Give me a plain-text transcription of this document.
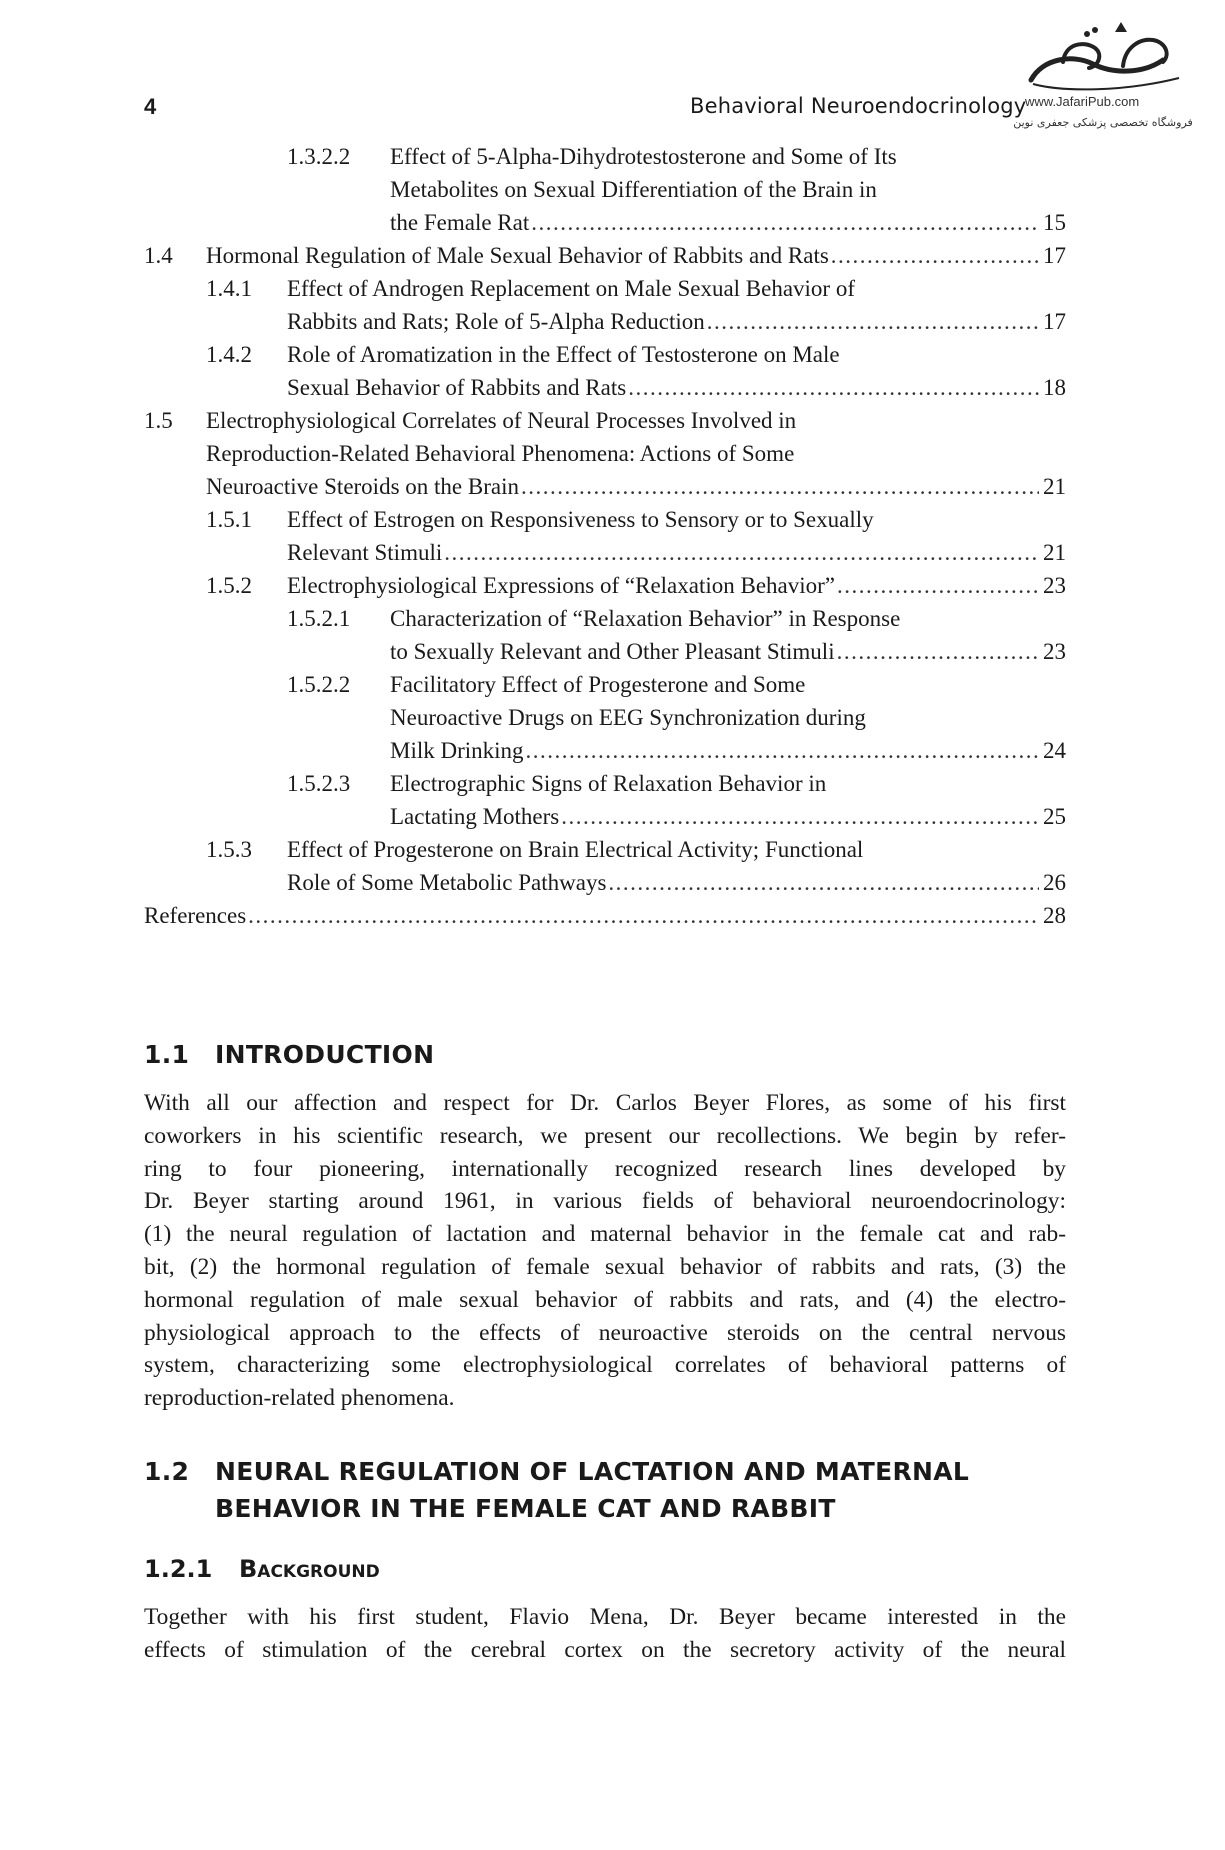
4	Behavioral Neuroendocrinology
www.JafariPub.com
فروشگاه تخصصی پزشکی جعفری نوین
1.3.2.2 Effect of 5-Alpha-Dihydrotestosterone and Some of Its
Metabolites on Sexual Differentiation of the Brain in
the Female Rat .....	15
1.4 Hormonal Regulation of Male Sexual Behavior of Rabbits and Rats .....	17
1.4.1 Effect of Androgen Replacement on Male Sexual Behavior of
Rabbits and Rats; Role of 5-Alpha Reduction .....	17
1.4.2 Role of Aromatization in the Effect of Testosterone on Male
Sexual Behavior of Rabbits and Rats .....	18
1.5 Electrophysiological Correlates of Neural Processes Involved in
Reproduction-Related Behavioral Phenomena: Actions of Some
Neuroactive Steroids on the Brain .....	21
1.5.1 Effect of Estrogen on Responsiveness to Sensory or to Sexually
Relevant Stimuli .....	21
1.5.2 Electrophysiological Expressions of “Relaxation Behavior” .....	23
1.5.2.1 Characterization of “Relaxation Behavior” in Response
to Sexually Relevant and Other Pleasant Stimuli .....	23
1.5.2.2 Facilitatory Effect of Progesterone and Some
Neuroactive Drugs on EEG Synchronization during
Milk Drinking .....	24
1.5.2.3 Electrographic Signs of Relaxation Behavior in
Lactating Mothers .....	25
1.5.3 Effect of Progesterone on Brain Electrical Activity; Functional
Role of Some Metabolic Pathways .....	26
References .....	28
1.1 INTRODUCTION
With all our affection and respect for Dr. Carlos Beyer Flores, as some of his first
coworkers in his scientific research, we present our recollections. We begin by refer-
ring to four pioneering, internationally recognized research lines developed by
Dr. Beyer starting around 1961, in various fields of behavioral neuroendocrinology:
(1) the neural regulation of lactation and maternal behavior in the female cat and rab-
bit, (2) the hormonal regulation of female sexual behavior of rabbits and rats, (3) the
hormonal regulation of male sexual behavior of rabbits and rats, and (4) the electro-
physiological approach to the effects of neuroactive steroids on the central nervous
system, characterizing some electrophysiological correlates of behavioral patterns of
reproduction-related phenomena.
1.2 NEURAL REGULATION OF LACTATION AND MATERNAL
BEHAVIOR IN THE FEMALE CAT AND RABBIT
1.2.1 Background
Together with his first student, Flavio Mena, Dr. Beyer became interested in the
effects of stimulation of the cerebral cortex on the secretory activity of the neural
